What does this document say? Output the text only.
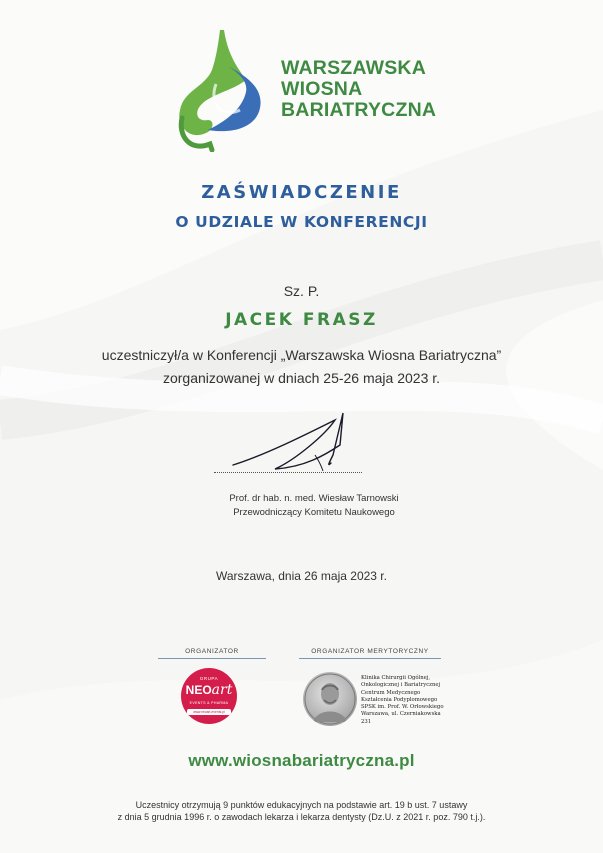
WARSZAWSKA
WIOSNA
BARIATRYCZNA
ZAŚWIADCZENIE
O UDZIALE W KONFERENCJI
Sz. P.
JACEK FRASZ
uczestniczył/a w Konferencji „Warszawska Wiosna Bariatryczna”
zorganizowanej w dniach 25-26 maja 2023 r.
Prof. dr hab. n. med. Wiesław Tarnowski
Przewodniczący Komitetu Naukowego
Warszawa, dnia 26 maja 2023 r.
ORGANIZATOR	ORGANIZATOR MERYTORYCZNY
GRUPA
NEOart
EVENTS & PHARMA
www.neoart-events.pl
Klinika Chirurgii Ogólnej,
Onkologicznej i Bariatrycznej
Centrum Medycznego
Kształcenia Podyplomowego
SPSK im. Prof. W. Orłowskiego
Warszawa, ul. Czerniakowska 231
www.wiosnabariatryczna.pl
Uczestnicy otrzymują 9 punktów edukacyjnych na podstawie art. 19 b ust. 7 ustawy
z dnia 5 grudnia 1996 r. o zawodach lekarza i lekarza dentysty (Dz.U. z 2021 r. poz. 790 t.j.).
